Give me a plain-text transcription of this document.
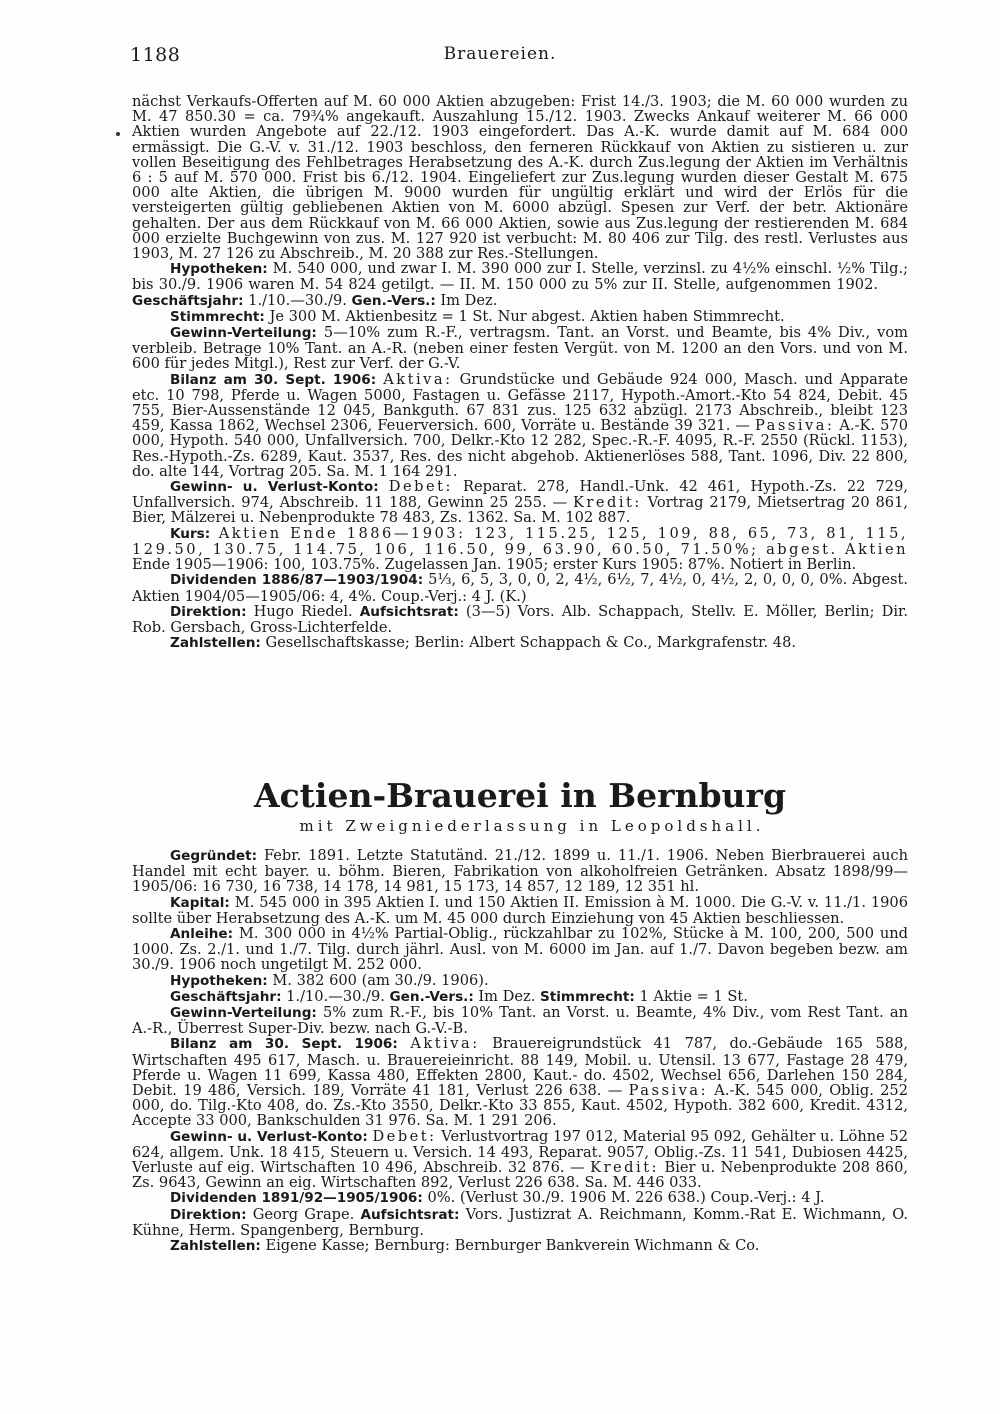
1188	Brauereien.

nächst Verkaufs-Offerten auf M. 60 000 Aktien abzugeben: Frist 14./3. 1903; die M. 60 000 wurden zu M. 47 850.30 = ca. 79¾% angekauft. Auszahlung 15./12. 1903. Zwecks Ankauf weiterer M. 66 000 Aktien wurden Angebote auf 22./12. 1903 eingefordert. Das A.-K. wurde damit auf M. 684 000 ermässigt. Die G.-V. v. 31./12. 1903 beschloss, den ferneren Rückkauf von Aktien zu sistieren u. zur vollen Beseitigung des Fehlbetrages Herabsetzung des A.-K. durch Zus.legung der Aktien im Verhältnis 6 : 5 auf M. 570 000. Frist bis 6./12. 1904. Eingeliefert zur Zus.legung wurden dieser Gestalt M. 675 000 alte Aktien, die übrigen M. 9000 wurden für ungültig erklärt und wird der Erlös für die versteigerten gültig gebliebenen Aktien von M. 6000 abzügl. Spesen zur Verf. der betr. Aktionäre gehalten. Der aus dem Rückkauf von M. 66 000 Aktien, sowie aus Zus.legung der restierenden M. 684 000 erzielte Buchgewinn von zus. M. 127 920 ist verbucht: M. 80 406 zur Tilg. des restl. Verlustes aus 1903, M. 27 126 zu Abschreib., M. 20 388 zur Res.-Stellungen.

Hypotheken: M. 540 000, und zwar I. M. 390 000 zur I. Stelle, verzinsl. zu 4½% einschl. ½% Tilg.; bis 30./9. 1906 waren M. 54 824 getilgt. — II. M. 150 000 zu 5% zur II. Stelle, aufgenommen 1902.Geschäftsjahr: 1./10.—30./9. Gen.-Vers.: Im Dez.

Stimmrecht: Je 300 M. Aktienbesitz = 1 St. Nur abgest. Aktien haben Stimmrecht.

Gewinn-Verteilung: 5—10% zum R.-F., vertragsm. Tant. an Vorst. und Beamte, bis 4% Div., vom verbleib. Betrage 10% Tant. an A.-R. (neben einer festen Vergüt. von M. 1200 an den Vors. und von M. 600 für jedes Mitgl.), Rest zur Verf. der G.-V.

Bilanz am 30. Sept. 1906: Aktiva: Grundstücke und Gebäude 924 000, Masch. und Apparate etc. 10 798, Pferde u. Wagen 5000, Fastagen u. Gefässe 2117, Hypoth.-Amort.-Kto 54 824, Debit. 45 755, Bier-Aussenstände 12 045, Bankguth. 67 831 zus. 125 632 abzügl. 2173 Abschreib., bleibt 123 459, Kassa 1862, Wechsel 2306, Feuerversich. 600, Vorräte u. Bestände 39 321. — Passiva: A.-K. 570 000, Hypoth. 540 000, Unfallversich. 700, Delkr.-Kto 12 282, Spec.-R.-F. 4095, R.-F. 2550 (Rückl. 1153), Res.-Hypoth.-Zs. 6289, Kaut. 3537, Res. des nicht abgehob. Aktienerlöses 588, Tant. 1096, Div. 22 800, do. alte 144, Vortrag 205. Sa. M. 1 164 291.

Gewinn- u. Verlust-Konto: Debet: Reparat. 278, Handl.-Unk. 42 461, Hypoth.-Zs. 22 729, Unfallversich. 974, Abschreib. 11 188, Gewinn 25 255. — Kredit: Vortrag 2179, Mietsertrag 20 861, Bier, Mälzerei u. Nebenprodukte 78 483, Zs. 1362. Sa. M. 102 887.

Kurs: Aktien Ende 1886—1903: 123, 115.25, 125, 109, 88, 65, 73, 81, 115, 129.50, 130.75, 114.75, 106, 116.50, 99, 63.90, 60.50, 71.50%; abgest. Aktien Ende 1905—1906: 100, 103.75%. Zugelassen Jan. 1905; erster Kurs 1905: 87%. Notiert in Berlin.

Dividenden 1886/87—1903/1904: 5⅓, 6, 5, 3, 0, 0, 2, 4½, 6½, 7, 4½, 0, 4½, 2, 0, 0, 0, 0%. Abgest. Aktien 1904/05—1905/06: 4, 4%. Coup.-Verj.: 4 J. (K.)

Direktion: Hugo Riedel. Aufsichtsrat: (3—5) Vors. Alb. Schappach, Stellv. E. Möller, Berlin; Dir. Rob. Gersbach, Gross-Lichterfelde.

Zahlstellen: Gesellschaftskasse; Berlin: Albert Schappach & Co., Markgrafenstr. 48.

Actien-Brauerei in Bernburg
mit Zweigniederlassung in Leopoldshall.

Gegründet: Febr. 1891. Letzte Statutänd. 21./12. 1899 u. 11./1. 1906. Neben Bierbrauerei auch Handel mit echt bayer. u. böhm. Bieren, Fabrikation von alkoholfreien Getränken. Absatz 1898/99—1905/06: 16 730, 16 738, 14 178, 14 981, 15 173, 14 857, 12 189, 12 351 hl.

Kapital: M. 545 000 in 395 Aktien I. und 150 Aktien II. Emission à M. 1000. Die G.-V. v. 11./1. 1906 sollte über Herabsetzung des A.-K. um M. 45 000 durch Einziehung von 45 Aktien beschliessen.

Anleihe: M. 300 000 in 4½% Partial-Oblig., rückzahlbar zu 102%, Stücke à M. 100, 200, 500 und 1000. Zs. 2./1. und 1./7. Tilg. durch jährl. Ausl. von M. 6000 im Jan. auf 1./7. Davon begeben bezw. am 30./9. 1906 noch ungetilgt M. 252 000.

Hypotheken: M. 382 600 (am 30./9. 1906).

Geschäftsjahr: 1./10.—30./9. Gen.-Vers.: Im Dez. Stimmrecht: 1 Aktie = 1 St.

Gewinn-Verteilung: 5% zum R.-F., bis 10% Tant. an Vorst. u. Beamte, 4% Div., vom Rest Tant. an A.-R., Überrest Super-Div. bezw. nach G.-V.-B.

Bilanz am 30. Sept. 1906: Aktiva: Brauereigrundstück 41 787, do.-Gebäude 165 588, Wirtschaften 495 617, Masch. u. Brauereieinricht. 88 149, Mobil. u. Utensil. 13 677, Fastage 28 479, Pferde u. Wagen 11 699, Kassa 480, Effekten 2800, Kaut.- do. 4502, Wechsel 656, Darlehen 150 284, Debit. 19 486, Versich. 189, Vorräte 41 181, Verlust 226 638. — Passiva: A.-K. 545 000, Oblig. 252 000, do. Tilg.-Kto 408, do. Zs.-Kto 3550, Delkr.-Kto 33 855, Kaut. 4502, Hypoth. 382 600, Kredit. 4312, Accepte 33 000, Bankschulden 31 976. Sa. M. 1 291 206.

Gewinn- u. Verlust-Konto: Debet: Verlustvortrag 197 012, Material 95 092, Gehälter u. Löhne 52 624, allgem. Unk. 18 415, Steuern u. Versich. 14 493, Reparat. 9057, Oblig.-Zs. 11 541, Dubiosen 4425, Verluste auf eig. Wirtschaften 10 496, Abschreib. 32 876. — Kredit: Bier u. Nebenprodukte 208 860, Zs. 9643, Gewinn an eig. Wirtschaften 892, Verlust 226 638. Sa. M. 446 033.

Dividenden 1891/92—1905/1906: 0%. (Verlust 30./9. 1906 M. 226 638.) Coup.-Verj.: 4 J.

Direktion: Georg Grape. Aufsichtsrat: Vors. Justizrat A. Reichmann, Komm.-Rat E. Wichmann, O. Kühne, Herm. Spangenberg, Bernburg.

Zahlstellen: Eigene Kasse; Bernburg: Bernburger Bankverein Wichmann & Co.
